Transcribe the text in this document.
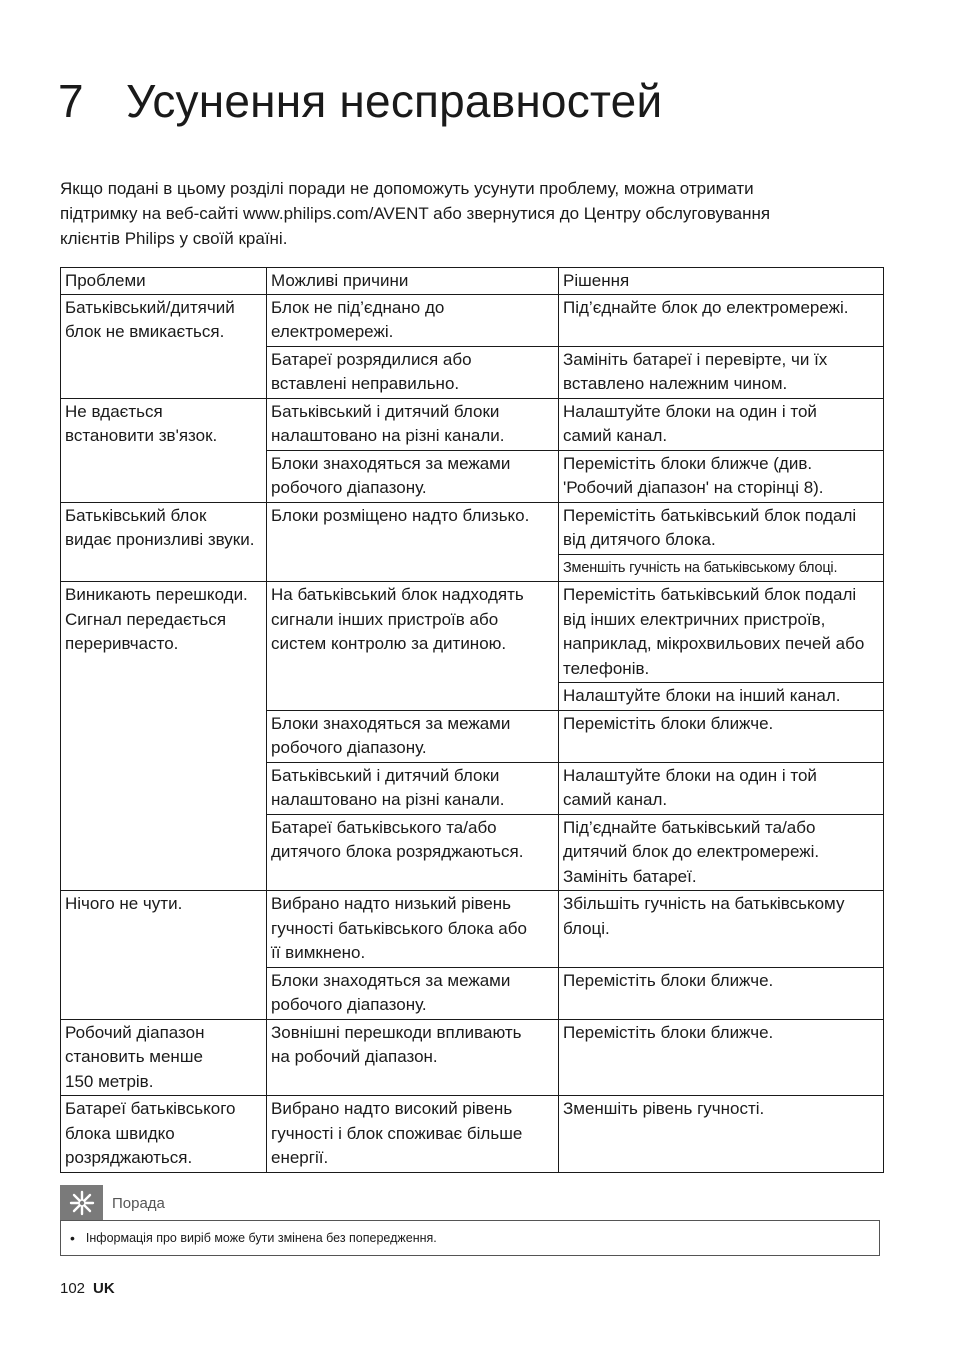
7 Усунення несправностей
Якщо подані в цьому розділі поради не допоможуть усунути проблему, можна отримати
підтримку на веб-сайті www.philips.com/AVENT або звернутися до Центру обслуговування
клієнтів Philips у своїй країні.
Проблеми	Можливі причини	Рішення

Батьківський/дитячий
блок не вмикається.	Блок не під’єднано до
електромережі.	Під’єднайте блок до електромережі.

	Батареї розрядилися або
вставлені неправильно.	Замініть батареї і перевірте, чи їх
вставлено належним чином.

Не вдається
встановити зв'язок.	Батьківський і дитячий блоки
налаштовано на різні канали.	Налаштуйте блоки на один і той
самий канал.

	Блоки знаходяться за межами
робочого діапазону.	Перемістіть блоки ближче (див.
'Робочий діапазон' на сторінці 8).

Батьківський блок
видає пронизливі звуки.	Блоки розміщено надто близько.	Перемістіть батьківський блок подалі
від дитячого блока.

		Зменшіть гучність на батьківському блоці.

Виникають перешкоди.
Сигнал передається
переривчасто.	На батьківський блок надходять
сигнали інших пристроїв або
систем контролю за дитиною.	Перемістіть батьківський блок подалі
від інших електричних пристроїв,
наприклад, мікрохвильових печей або
телефонів.

		Налаштуйте блоки на інший канал.

	Блоки знаходяться за межами
робочого діапазону.	Перемістіть блоки ближче.

	Батьківський і дитячий блоки
налаштовано на різні канали.	Налаштуйте блоки на один і той
самий канал.

	Батареї батьківського та/або
дитячого блока розряджаються.	Під’єднайте батьківський та/або
дитячий блок до електромережі.
Замініть батареї.

Нічого не чути.	Вибрано надто низький рівень
гучності батьківського блока або
її вимкнено.	Збільшіть гучність на батьківському
блоці.

	Блоки знаходяться за межами
робочого діапазону.	Перемістіть блоки ближче.

Робочий діапазон
становить менше
150 метрів.	Зовнішні перешкоди впливають
на робочий діапазон.	Перемістіть блоки ближче.

Батареї батьківського
блока швидко
розряджаються.	Вибрано надто високий рівень
гучності і блок споживає більше
енергії.	Зменшіть рівень гучності.
Порада
• Інформація про виріб може бути змінена без попередження.
102 UK
